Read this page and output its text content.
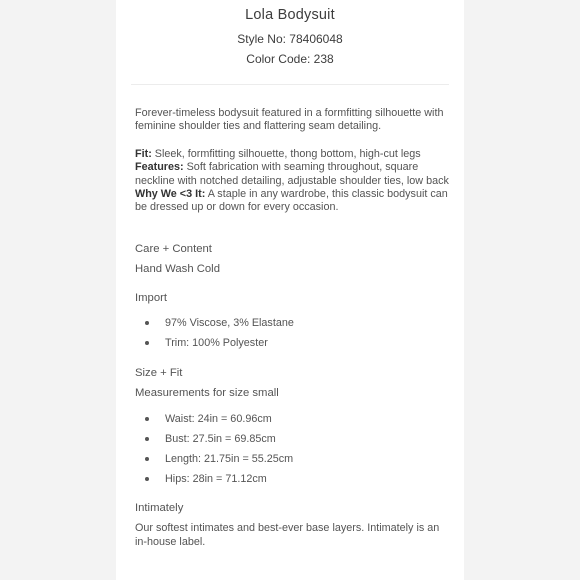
Lola Bodysuit
Style No: 78406048
Color Code: 238

Forever-timeless bodysuit featured in a formfitting silhouette with feminine shoulder ties and flattering seam detailing.

Fit: Sleek, formfitting silhouette, thong bottom, high-cut legs

Features: Soft fabrication with seaming throughout, square neckline with notched detailing, adjustable shoulder ties, low back

Why We <3 It: A staple in any wardrobe, this classic bodysuit can be dressed up or down for every occasion.

Care + Content

Hand Wash Cold

Import

97% Viscose, 3% Elastane
Trim: 100% Polyester

Size + Fit

Measurements for size small

Waist: 24in = 60.96cm
Bust: 27.5in = 69.85cm
Length: 21.75in = 55.25cm
Hips: 28in = 71.12cm

Intimately

Our softest intimates and best-ever base layers. Intimately is an in-house label.
